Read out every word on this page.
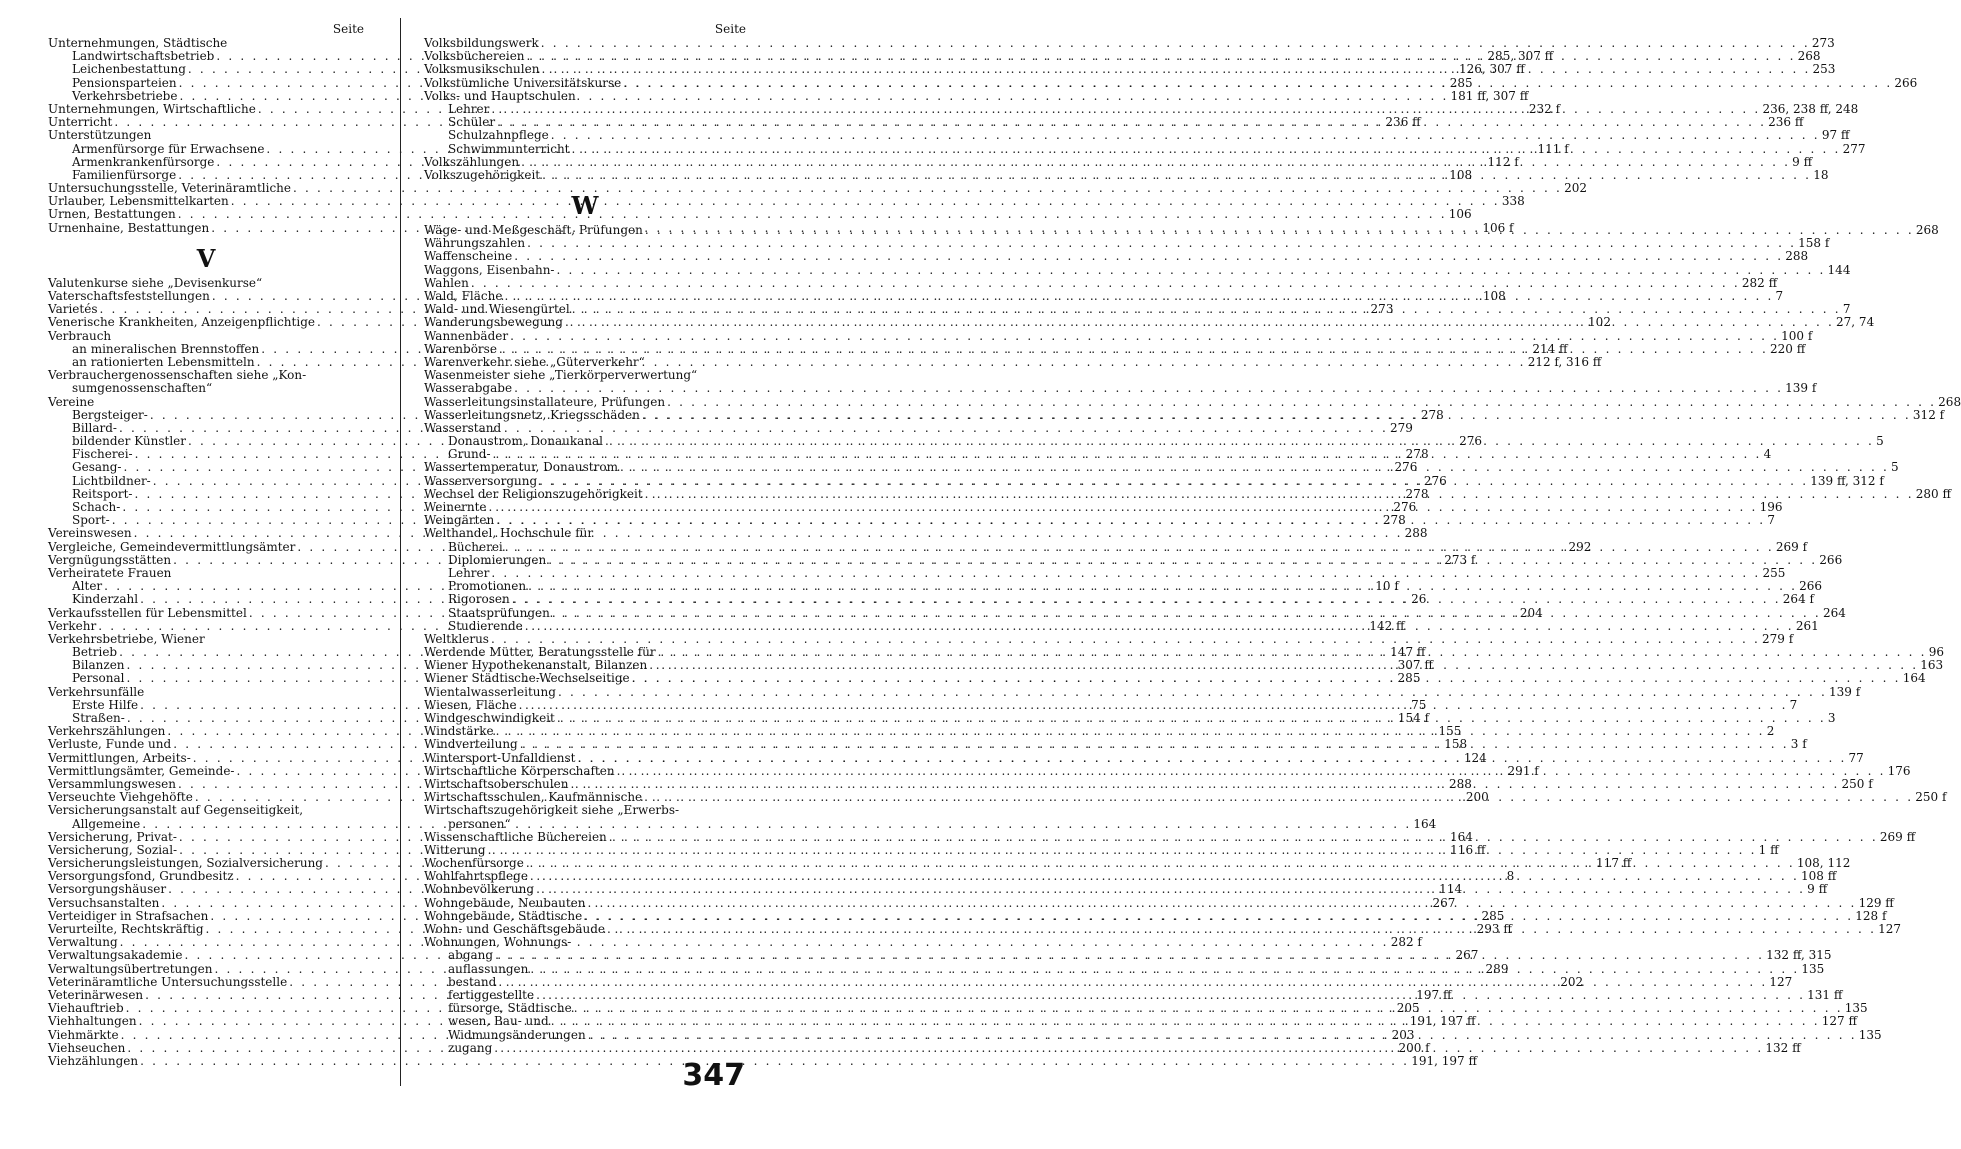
Seite
Unternehmungen, Städtische
Landwirtschaftsbetrieb . . .	285, 307 ff
Leichenbestattung . . .	126, 307 ff
Pensionsparteien . . .	285
Verkehrsbetriebe . . .	181 ff, 307 ff
Unternehmungen, Wirtschaftliche . . .	232 f
Unterricht . . .	236 ff
Unterstützungen
Armenfürsorge für Erwachsene . . .	111 f
Armenkrankenfürsorge . . .	112 f
Familienfürsorge . . .	108
Untersuchungsstelle, Veterinäramtliche . . .	202
Urlauber, Lebensmittelkarten . . .	338
Urnen, Bestattungen . . .	106
Urnenhaine, Bestattungen . . .	106 f
V
Valutenkurse siehe „Devisenkurse“
Vaterschaftsfeststellungen . . .	108
Varietés . . .	273
Venerische Krankheiten, Anzeigenpflichtige . . .	102
Verbrauch
an mineralischen Brennstoffen . . .	214 ff
an rationierten Lebensmitteln . . .	212 f, 316 ff
Verbrauchergenossenschaften siehe „Kon-
sumgenossenschaften“
Vereine
Bergsteiger- . . .	278
Billard- . . .	279
bildender Künstler . . .	276
Fischerei- . . .	278
Gesang- . . .	276
Lichtbildner- . . .	276
Reitsport- . . .	278
Schach- . . .	276
Sport- . . .	278
Vereinswesen . . .	288
Vergleiche, Gemeindevermittlungsämter . . .	292
Vergnügungsstätten . . .	273 f
Verheiratete Frauen
Alter . . .	10 f
Kinderzahl . . .	26
Verkaufsstellen für Lebensmittel . . .	204
Verkehr . . .	142 ff
Verkehrsbetriebe, Wiener
Betrieb . . .	147 ff
Bilanzen . . .	307 ff
Personal . . .	285
Verkehrsunfälle
Erste Hilfe . . .	75
Straßen- . . .	154 f
Verkehrszählungen . . .	155
Verluste, Funde und . . .	158
Vermittlungen, Arbeits- . . .	124
Vermittlungsämter, Gemeinde- . . .	291 f
Versammlungswesen . . .	288
Verseuchte Viehgehöfte . . .	200
Versicherungsanstalt auf Gegenseitigkeit,
Allgemeine . . .	164
Versicherung, Privat- . . .	164
Versicherung, Sozial- . . .	116 ff
Versicherungsleistungen, Sozialversicherung . . .	117 ff
Versorgungsfond, Grundbesitz . . .	8
Versorgungshäuser . . .	114
Versuchsanstalten . . .	267
Verteidiger in Strafsachen . . .	285
Verurteilte, Rechtskräftig . . .	293 ff
Verwaltung . . .	282 f
Verwaltungsakademie . . .	267
Verwaltungsübertretungen . . .	289
Veterinäramtliche Untersuchungsstelle . . .	202
Veterinärwesen . . .	197 ff
Viehauftrieb . . .	205
Viehhaltungen . . .	191, 197 ff
Viehmärkte . . .	203
Viehseuchen . . .	200 f
Viehzählungen . . .	191, 197 ff
Seite
Volksbildungswerk . . .	273
Volksbüchereien . . .	268
Volksmusikschulen . . .	253
Volkstümliche Universitätskurse . . .	266
Volks- und Hauptschulen
Lehrer . . .	236, 238 ff, 248
Schüler . . .	236 ff
Schulzahnpflege . . .	97 ff
Schwimmunterricht . . .	277
Volkszählungen . . .	9 ff
Volkszugehörigkeit . . .	18
W
Wäge- und Meßgeschäft, Prüfungen . . .	268
Währungszahlen . . .	158 f
Waffenscheine . . .	288
Waggons, Eisenbahn- . . .	144
Wahlen . . .	282 ff
Wald, Fläche . . .	7
Wald- und Wiesengürtel . . .	7
Wanderungsbewegung . . .	27, 74
Wannenbäder . . .	100 f
Warenbörse . . .	220 ff
Warenverkehr siehe „Güterverkehr“
Wasenmeister siehe „Tierkörperverwertung“
Wasserabgabe . . .	139 f
Wasserleitungsinstallateure, Prüfungen . . .	268
Wasserleitungsnetz, Kriegsschäden . . .	312 f
Wasserstand
Donaustrom, Donaukanal . . .	5
Grund- . . .	4
Wassertemperatur, Donaustrom . . .	5
Wasserversorgung . . .	139 ff, 312 f
Wechsel der Religionszugehörigkeit . . .	280 ff
Weinernte . . .	196
Weingärten . . .	7
Welthandel, Hochschule für
Bücherei . . .	269 f
Diplomierungen . . .	266
Lehrer . . .	255
Promotionen . . .	266
Rigorosen . . .	264 f
Staatsprüfungen . . .	264
Studierende . . .	261
Weltklerus . . .	279 f
Werdende Mütter, Beratungsstelle für . . .	96
Wiener Hypothekenanstalt, Bilanzen . . .	163
Wiener Städtische-Wechselseitige . . .	164
Wientalwasserleitung . . .	139 f
Wiesen, Fläche . . .	7
Windgeschwindigkeit . . .	3
Windstärke . . .	2
Windverteilung . . .	3 f
Wintersport-Unfalldienst . . .	77
Wirtschaftliche Körperschaften . . .	176
Wirtschaftsoberschulen . . .	250 f
Wirtschaftsschulen, Kaufmännische . . .	250 f
Wirtschaftszugehörigkeit siehe „Erwerbs-
personen“
Wissenschaftliche Büchereien . . .	269 ff
Witterung . . .	1 ff
Wochenfürsorge . . .	108, 112
Wohlfahrtspflege . . .	108 ff
Wohnbevölkerung . . .	9 ff
Wohngebäude, Neubauten . . .	129 ff
Wohngebäude, Städtische . . .	128 f
Wohn- und Geschäftsgebäude . . .	127
Wohnungen, Wohnungs-
abgang . . .	132 ff, 315
auflassungen . . .	135
bestand . . .	127
fertiggestellte . . .	131 ff
fürsorge, Städtische . . .	135
wesen, Bau- und . . .	127 ff
Widmungsänderungen . . .	135
zugang . . .	132 ff
347
